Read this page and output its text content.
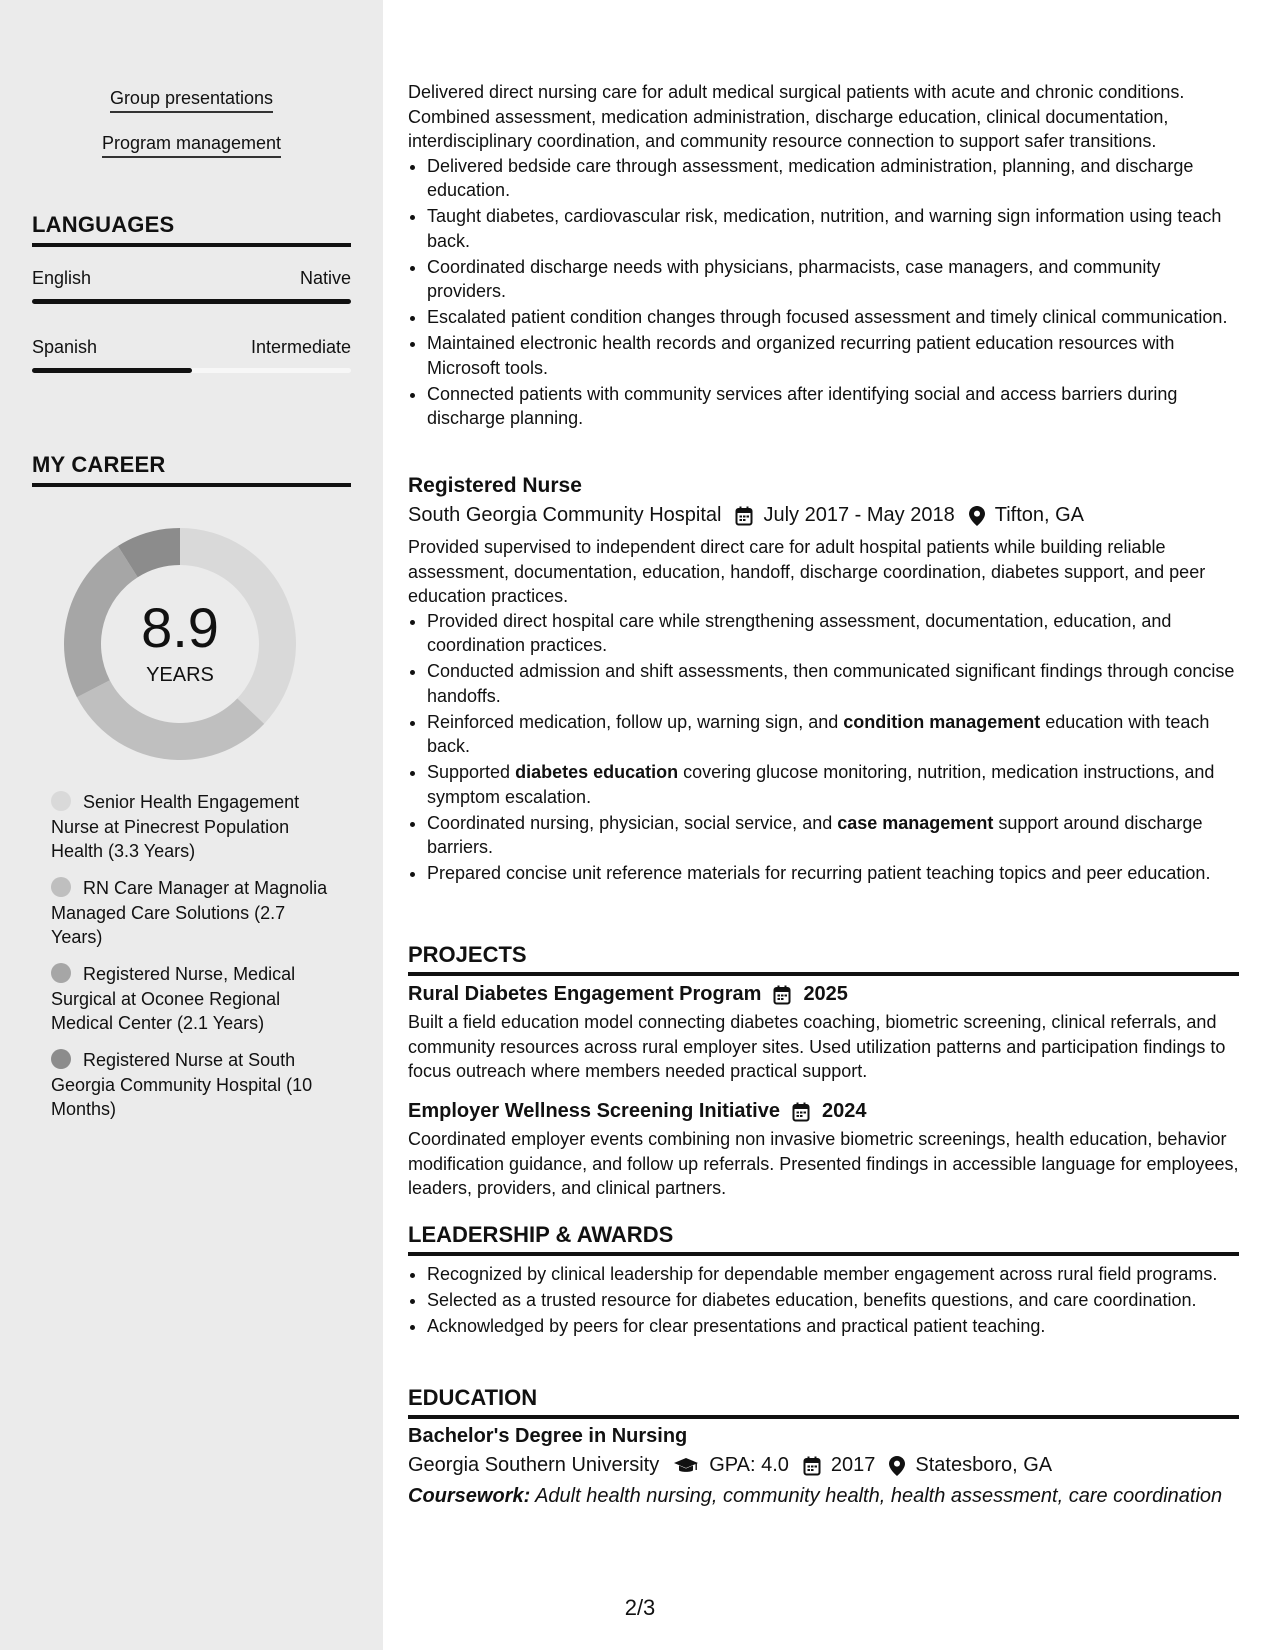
Group presentations
Program management
LANGUAGES
English	Native
Spanish	Intermediate
MY CAREER
8.9
YEARS
Senior Health Engagement Nurse at Pinecrest Population Health (3.3 Years)
RN Care Manager at Magnolia Managed Care Solutions (2.7 Years)
Registered Nurse, Medical Surgical at Oconee Regional Medical Center (2.1 Years)
Registered Nurse at South Georgia Community Hospital (10 Months)
Delivered direct nursing care for adult medical surgical patients with acute and chronic conditions. Combined assessment, medication administration, discharge education, clinical documentation, interdisciplinary coordination, and community resource connection to support safer transitions.
• Delivered bedside care through assessment, medication administration, planning, and discharge education.
• Taught diabetes, cardiovascular risk, medication, nutrition, and warning sign information using teach back.
• Coordinated discharge needs with physicians, pharmacists, case managers, and community providers.
• Escalated patient condition changes through focused assessment and timely clinical communication.
• Maintained electronic health records and organized recurring patient education resources with Microsoft tools.
• Connected patients with community services after identifying social and access barriers during discharge planning.
Registered Nurse
South Georgia Community Hospital July 2017 - May 2018 Tifton, GA
Provided supervised to independent direct care for adult hospital patients while building reliable assessment, documentation, education, handoff, discharge coordination, diabetes support, and peer education practices.
• Provided direct hospital care while strengthening assessment, documentation, education, and coordination practices.
• Conducted admission and shift assessments, then communicated significant findings through concise handoffs.
• Reinforced medication, follow up, warning sign, and condition management education with teach back.
• Supported diabetes education covering glucose monitoring, nutrition, medication instructions, and symptom escalation.
• Coordinated nursing, physician, social service, and case management support around discharge barriers.
• Prepared concise unit reference materials for recurring patient teaching topics and peer education.
PROJECTS
Rural Diabetes Engagement Program 2025
Built a field education model connecting diabetes coaching, biometric screening, clinical referrals, and community resources across rural employer sites. Used utilization patterns and participation findings to focus outreach where members needed practical support.
Employer Wellness Screening Initiative 2024
Coordinated employer events combining non invasive biometric screenings, health education, behavior modification guidance, and follow up referrals. Presented findings in accessible language for employees, leaders, providers, and clinical partners.
LEADERSHIP & AWARDS
• Recognized by clinical leadership for dependable member engagement across rural field programs.
• Selected as a trusted resource for diabetes education, benefits questions, and care coordination.
• Acknowledged by peers for clear presentations and practical patient teaching.
EDUCATION
Bachelor's Degree in Nursing
Georgia Southern University	GPA: 4.0 2017 Statesboro, GA
Coursework: Adult health nursing, community health, health assessment, care coordination
2/3
